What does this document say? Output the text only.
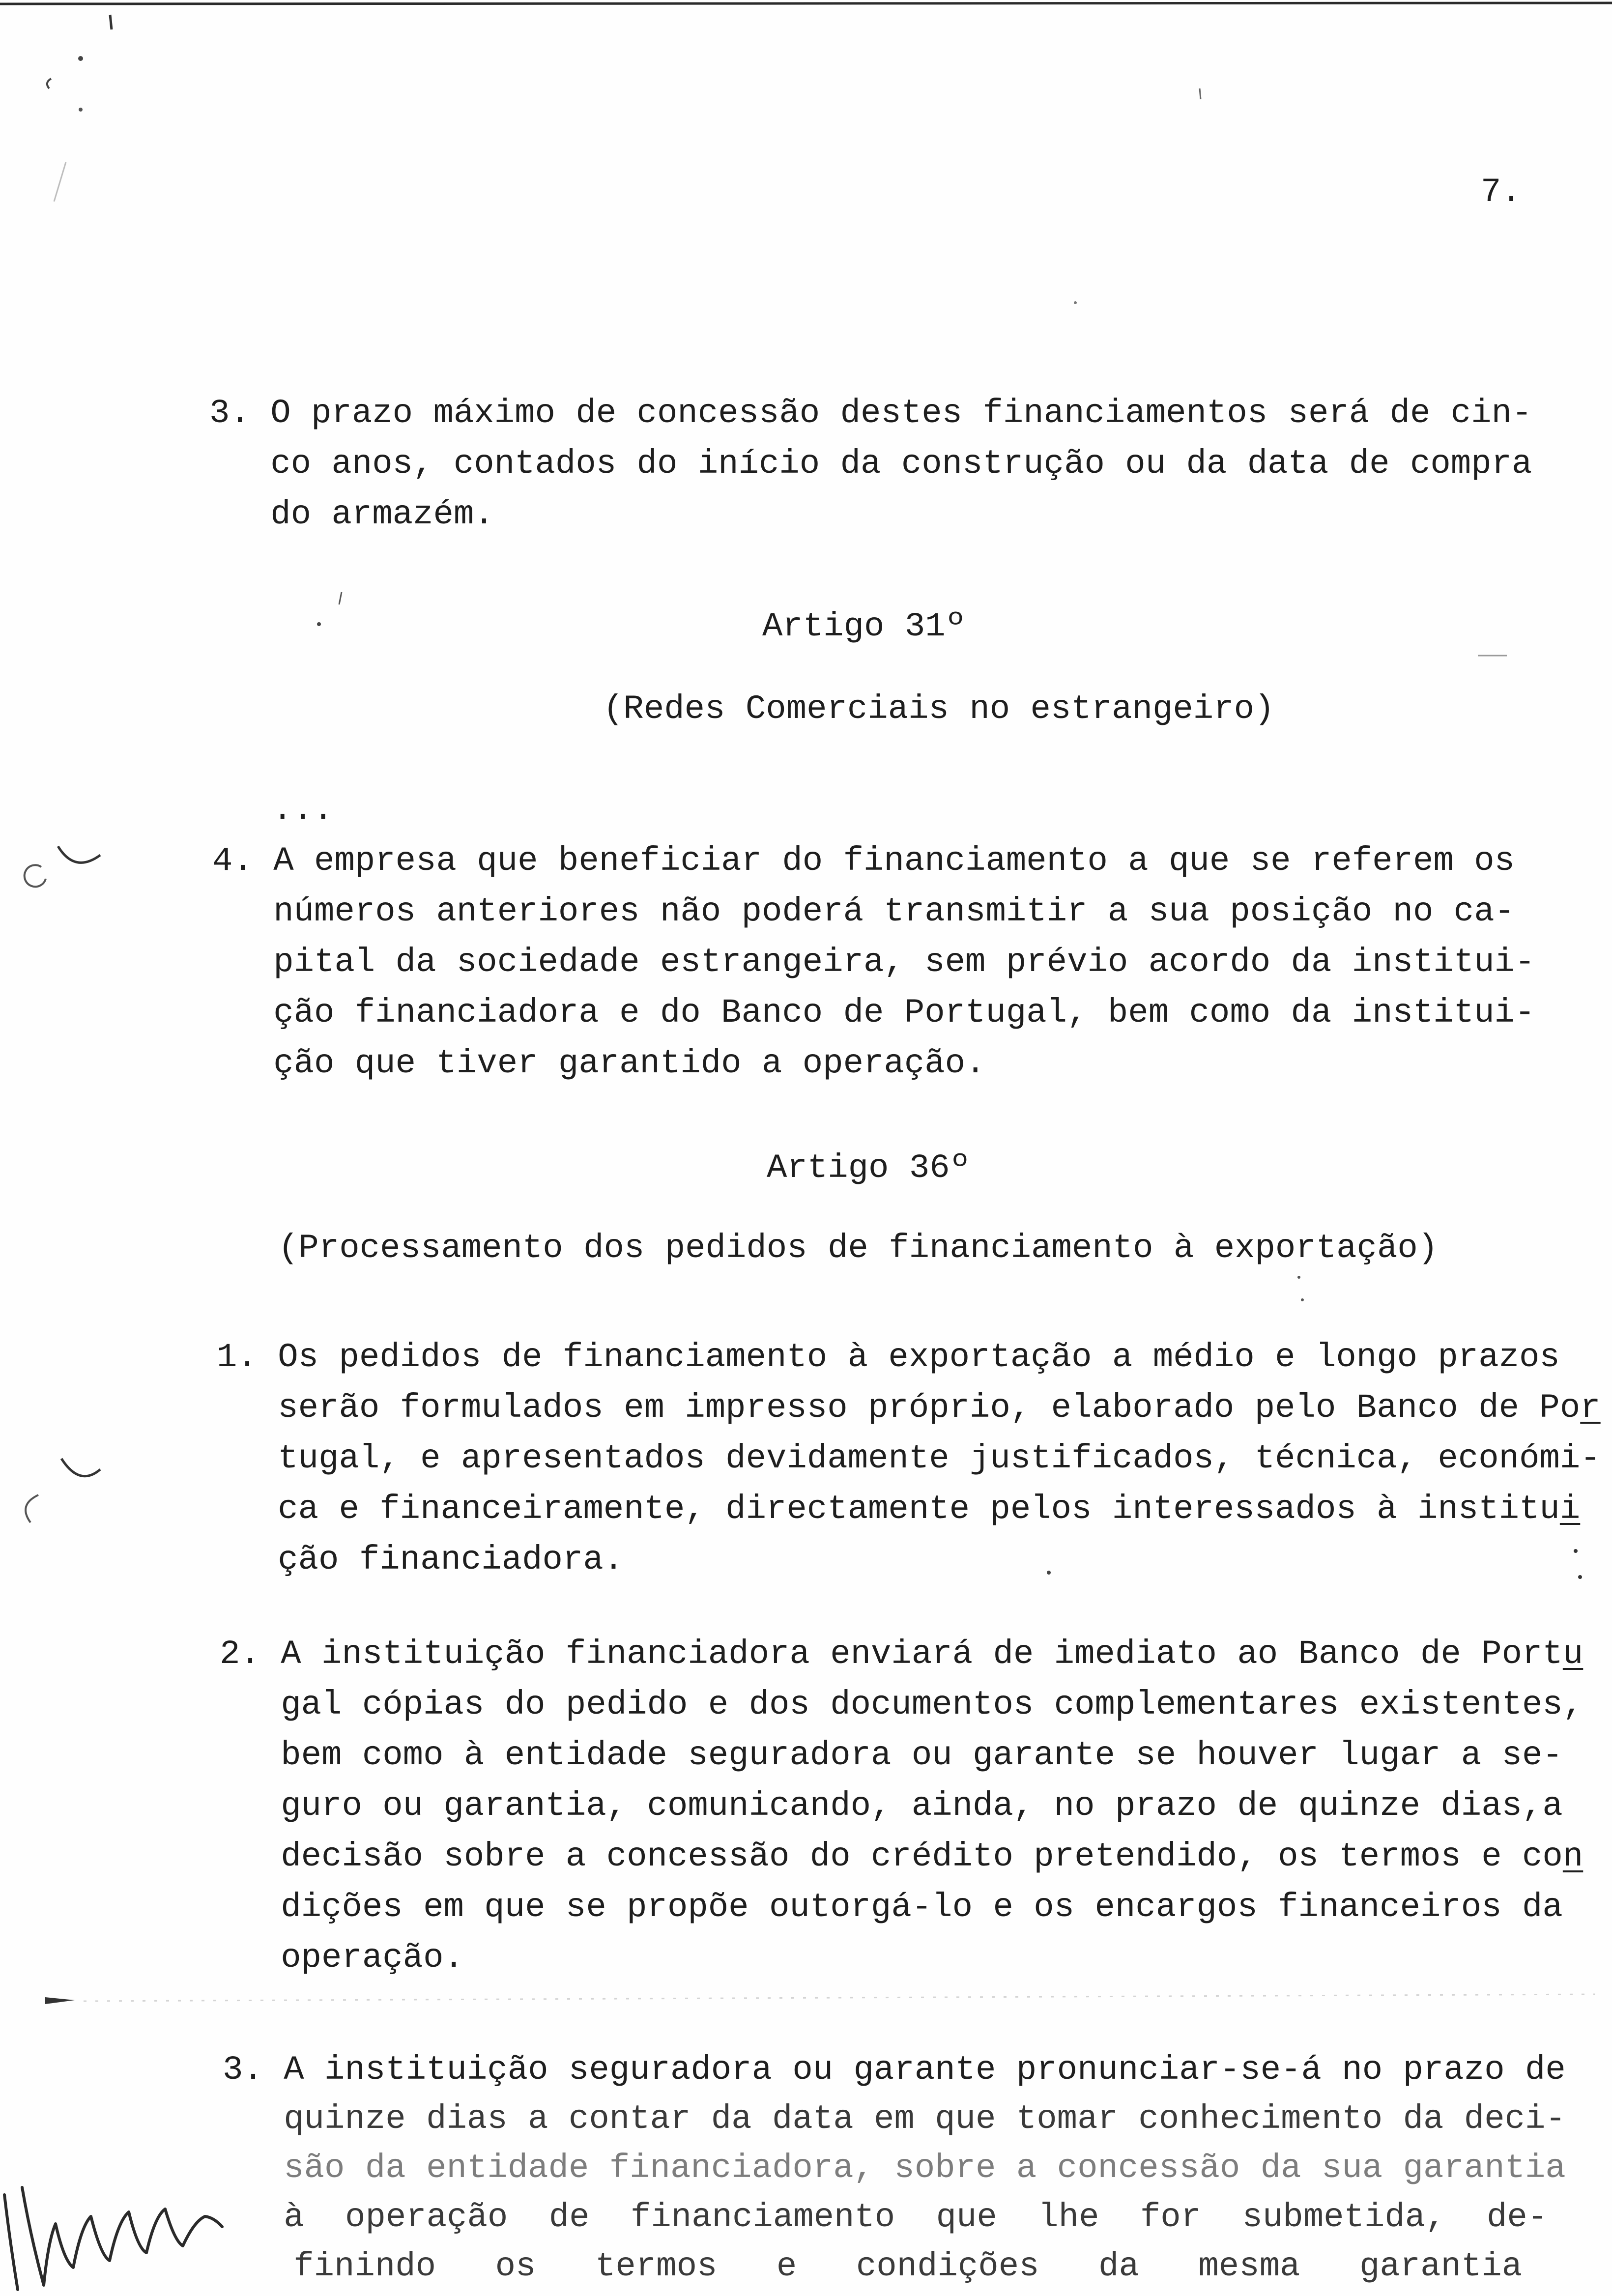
7.
3. O prazo máximo de concessão destes financiamentos será de cin-
co anos, contados do início da construção ou da data de compra
do armazém.
Artigo 31º
(Redes Comerciais no estrangeiro)
...
4. A empresa que beneficiar do financiamento a que se referem os
números anteriores não poderá transmitir a sua posição no ca-
pital da sociedade estrangeira, sem prévio acordo da institui-
ção financiadora e do Banco de Portugal, bem como da institui-
ção que tiver garantido a operação.
Artigo 36º
(Processamento dos pedidos de financiamento à exportação)
1. Os pedidos de financiamento à exportação a médio e longo prazos
serão formulados em impresso próprio, elaborado pelo Banco de Por
tugal, e apresentados devidamente justificados, técnica, económi-
ca e financeiramente, directamente pelos interessados à institui
ção financiadora.
2. A instituição financiadora enviará de imediato ao Banco de Portu
gal cópias do pedido e dos documentos complementares existentes,
bem como à entidade seguradora ou garante se houver lugar a se-
guro ou garantia, comunicando, ainda, no prazo de quinze dias,a
decisão sobre a concessão do crédito pretendido, os termos e con
dições em que se propõe outorgá-lo e os encargos financeiros da
operação.
3. A instituição seguradora ou garante pronunciar-se-á no prazo de
quinze dias a contar da data em que tomar conhecimento da deci-
são da entidade financiadora, sobre a concessão da sua garantia
à operação de financiamento que lhe for submetida, de-
finindo os termos e condições da mesma garantia
